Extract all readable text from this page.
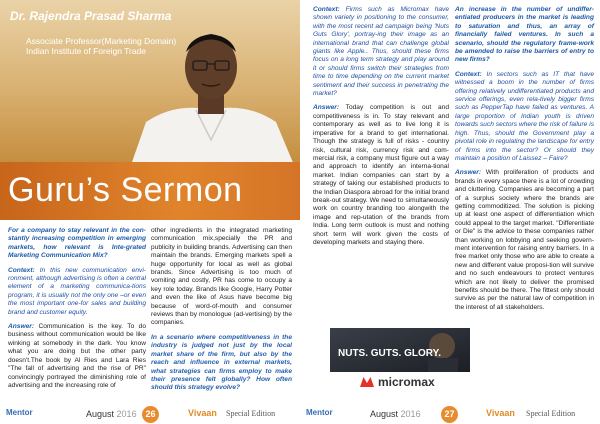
Dr. Rajendra Prasad Sharma
Associate Professor(Marketing Domain)
Indian Institute of Foreign Trade
Guru’s Sermon

For a company to stay relevant in the con-stantly increasing competition in emerging markets, how relevant is Inte-grated Marketing Communication Mix?

Context: In this new communication envi-ronment, although advertising is often a central element of a marketing communica-tions program, it is usually not the only one –or even the most important one-for sales and building brand and customer equity.

Answer: Communication is the key. To do business without communication would be like winking at somebody in the dark. You know what you are doing but the other party doesn't.The book by Al Ries and Lara Ries "The fall of advertising and the rise of PR" convincingly portrayed the diminishing role of advertising and the increasing role of

other ingredients in the integrated marketing communication mix,specially the PR and publicity in building brands. Advertising can then maintain the brands. Emerging markets spell a huge opportunity for local as well as global brands. Since Advertising is too much of vomiting and costly, PR has come to occupy a key role today. Brands like Google, Harry Potter and even the like of Asus have become big because of word-of-mouth and consumer reviews than by monologue (ad-vertising) by the companies.

In a scenario where competitiveness in the industry is judged not just by the local market share of the firm, but also by the reach and influence in external markets, what strategies can firms employ to make their presence felt globally? How often should this strategy evolve?

Mentor	August 2016 26	Vivaan Special Edition

Context: Firms such as Micromax have shown variety in positioning to the consumer, with the most recent ad campaign being 'Nuts Guts Glory', portray-ing their image as an international brand that can challenge global giants like Apple.. Thus, should these firms focus on a long term strategy and play around it or should firms switch their strategies from time to time depending on the current market sentiment and their success in penetrating the market?

Answer: Today competition is out and competitiveness is in. To stay relevant and contemporary as well as to live long it is imperative for a brand to get international. Though the strategy is full of risks - country risk, cultural risk, currency risk and com-mercial risk, a company must figure out a way and approach to identify an interna-tional market. Indian companies can start by a strategy of taking our established products to the Indian Diaspora abroad for the initial brand break-out strategy. We need to simultaneously work on country branding too alongwith the image and rep-utation of the brands from India. Long term outlook is must and nothing short term will work given the costs of developing markets and staying there.

An increase in the number of undiffer-entiated producers in the market is leading to saturation and thus, an array of financially failed ventures. In such a scenario, should the regulatory frame-work be amended to raise the barriers of entry to new firms?

Context: In sectors such as IT that have witnessed a boom in the number of firms offering relatively undifferentiated products and service offerings, even rela-tively bigger firms such as PepperTap have failed as ventures. A large proportion of Indian youth is driven towards such sectors where the risk of failure is high. Thus, should the Government play a pivotal role in regulating the landscape for entry of firms into the sector? Or should they maintain a position of Laissez – Faire?

Answer: With proliferation of products and brands in every space there is a lot of crowding and cluttering. Companies are becoming a part of a surplus society where the brands are getting commoditized. The solution is picking up at least one aspect of differentiation which could appeal to the target market. "Differentiate or Die" is the advice to these companies rather than working on lobbying and seeking govern-ment intervention for raising entry barriers. In a free market only those who are able to create a new and different value proposi-tion will survive and no such endeavours to protect ventures which are not likely to deliver the promised benefits should be there. The fittest only should survive as per the natural law of competition in the interest of all stakeholders.

Mentor	August 2016	27	Vivaan Special Edition
NUTS. GUTS. GLORY.
micromax
